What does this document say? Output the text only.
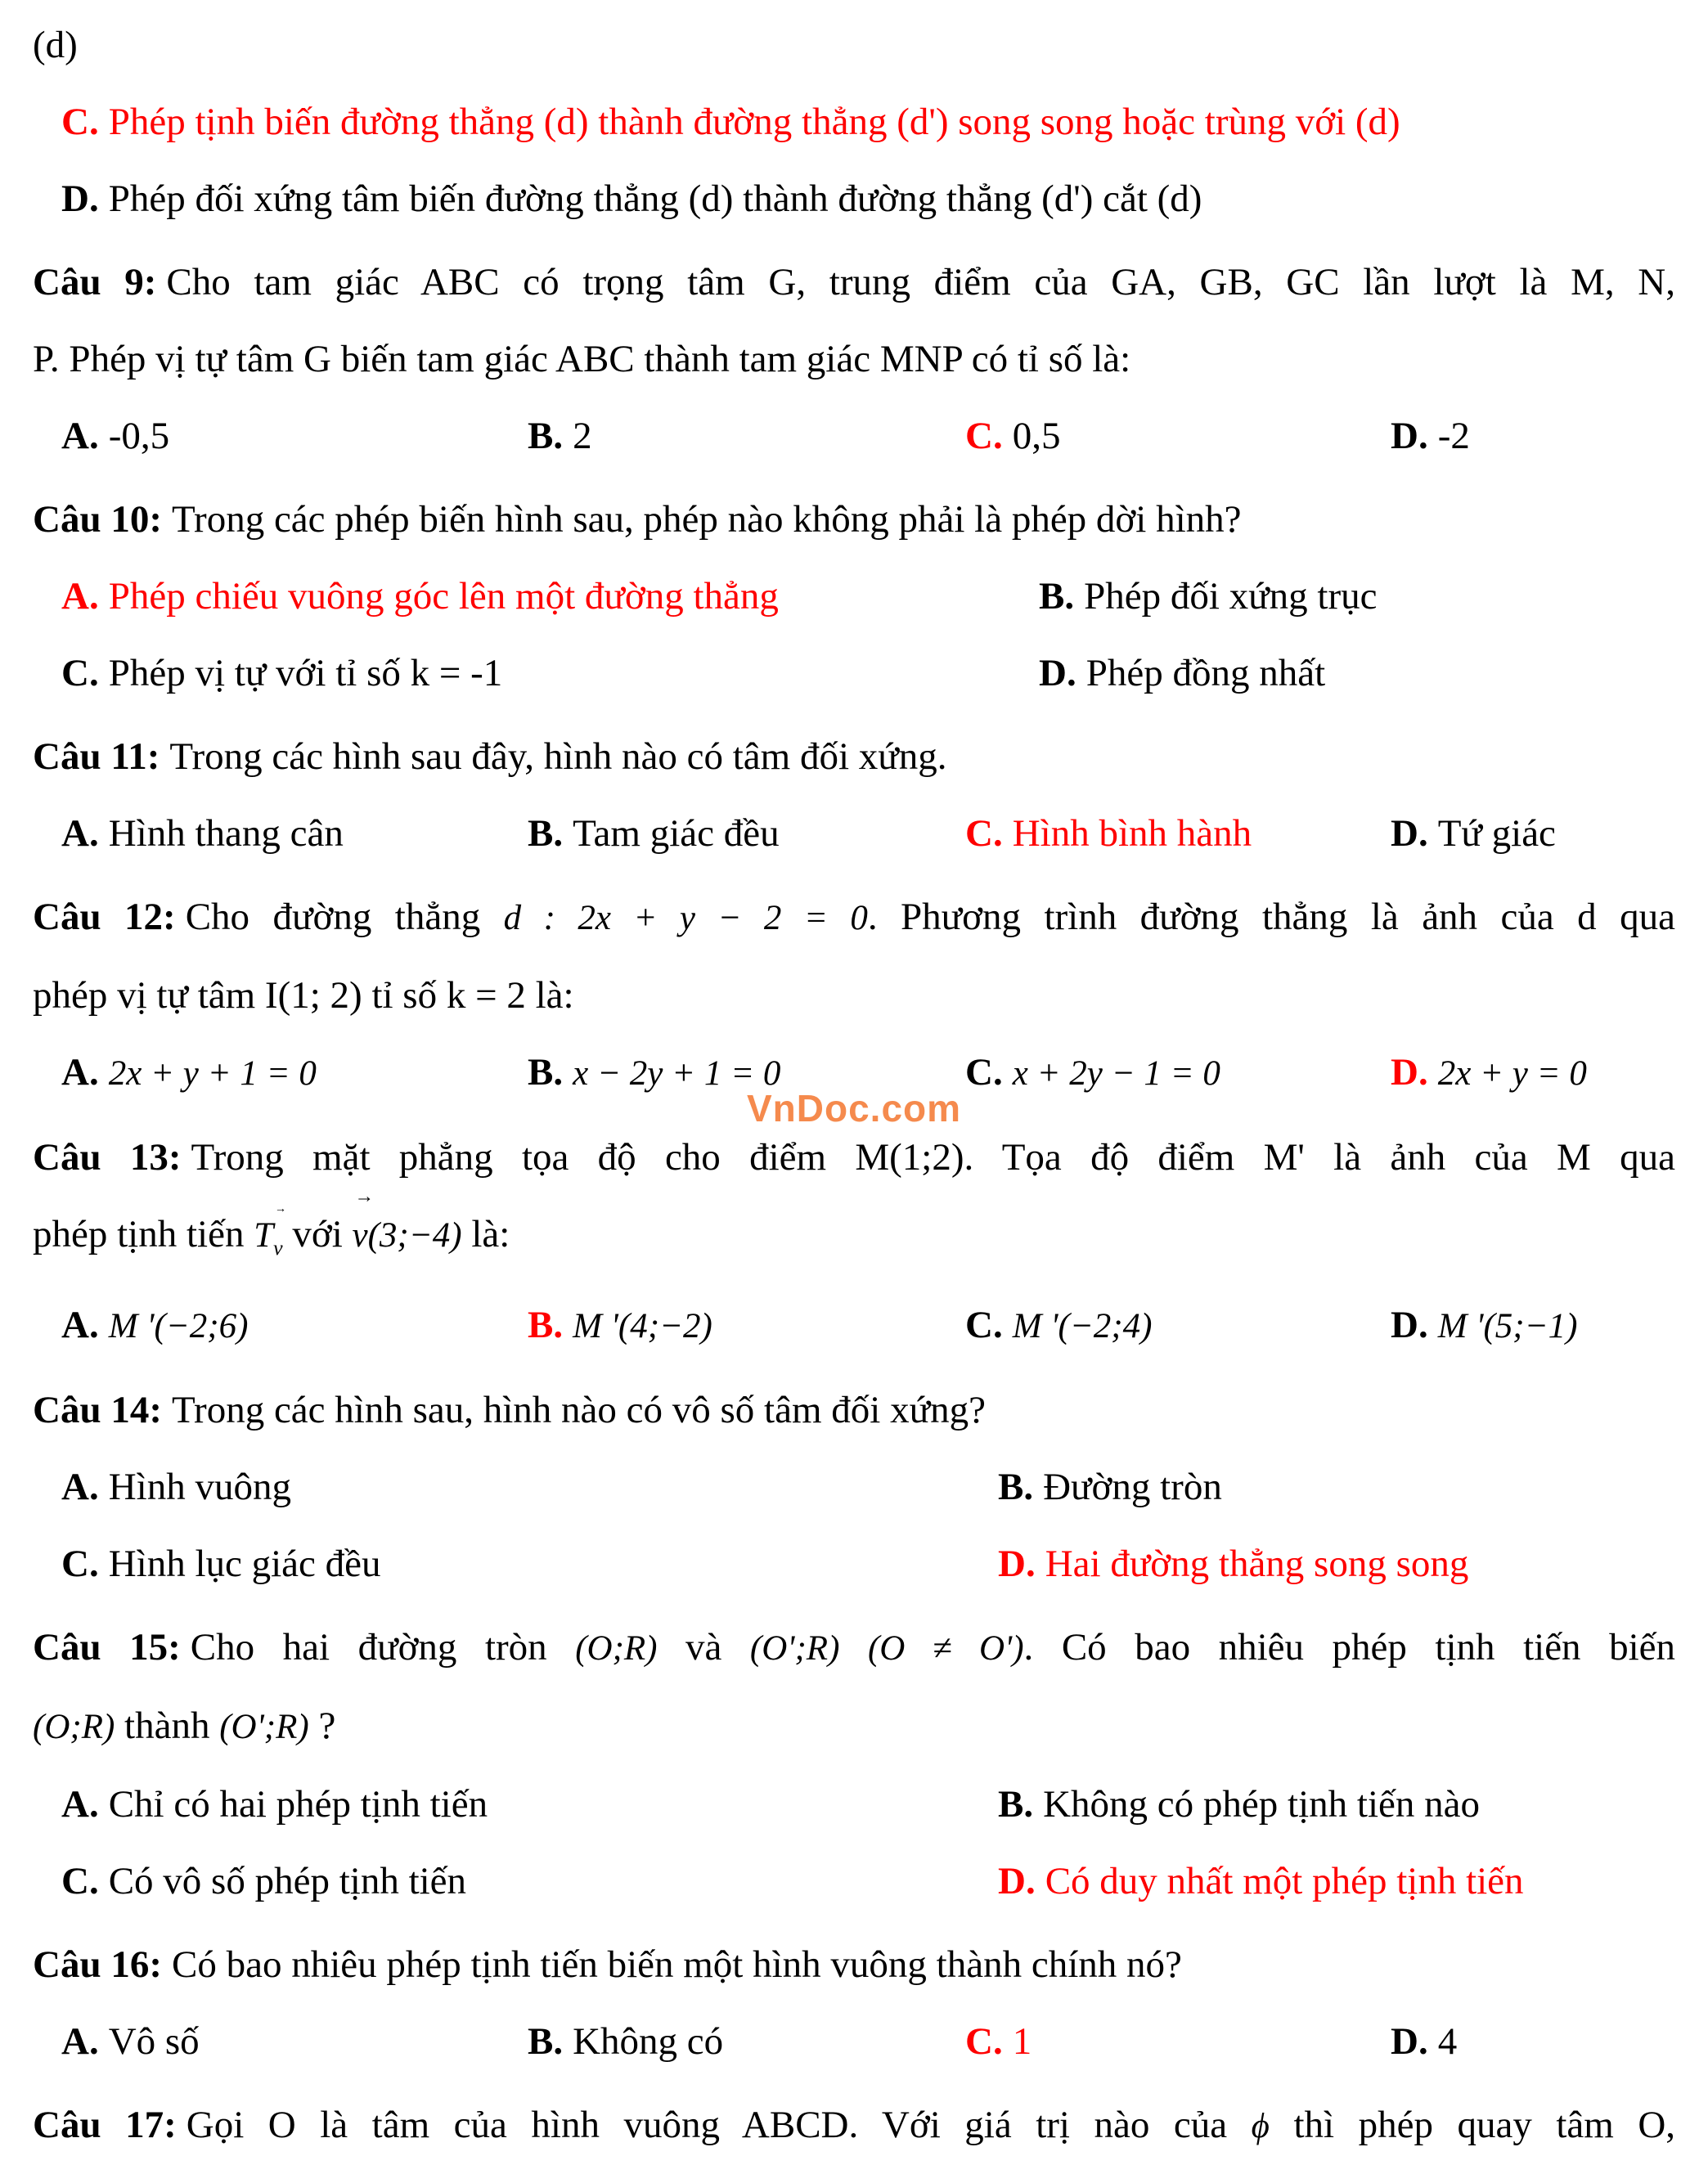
(d)
C. Phép tịnh biến đường thẳng (d) thành đường thẳng (d') song song hoặc trùng với (d)
D. Phép đối xứng tâm biến đường thẳng (d) thành đường thẳng (d') cắt (d)
Câu 9: Cho tam giác ABC có trọng tâm G, trung điểm của GA, GB, GC lần lượt là M, N,
P. Phép vị tự tâm G biến tam giác ABC thành tam giác MNP có tỉ số là:
A. -0,5	B. 2	C. 0,5	D. -2
Câu 10: Trong các phép biến hình sau, phép nào không phải là phép dời hình?
A. Phép chiếu vuông góc lên một đường thẳng	B. Phép đối xứng trục
C. Phép vị tự với tỉ số k = -1	D. Phép đồng nhất
Câu 11: Trong các hình sau đây, hình nào có tâm đối xứng.
A. Hình thang cân	B. Tam giác đều	C. Hình bình hành	D. Tứ giác
Câu 12: Cho đường thẳng d : 2x + y − 2 = 0. Phương trình đường thẳng là ảnh của d qua
phép vị tự tâm I(1; 2) tỉ số k = 2 là:
A. 2x + y + 1 = 0	B. x − 2y + 1 = 0	C. x + 2y − 1 = 0	D. 2x + y = 0
Câu 13: Trong mặt phẳng tọa độ cho điểm M(1;2). Tọa độ điểm M' là ảnh của M qua
phép tịnh tiến T
$_{\to v}$ với
→
v(3;−4) là:
A. M '(−2;6)	B. M '(4;−2)	C. M '(−2;4)	D. M '(5;−1)
Câu 14: Trong các hình sau, hình nào có vô số tâm đối xứng?
A. Hình vuông	B. Đường tròn
C. Hình lục giác đều	D. Hai đường thẳng song song
Câu 15: Cho hai đường tròn (O;R) và (O';R) (O ≠ O'). Có bao nhiêu phép tịnh tiến biến
(O;R) thành (O';R) ?
A. Chỉ có hai phép tịnh tiến	B. Không có phép tịnh tiến nào
C. Có vô số phép tịnh tiến	D. Có duy nhất một phép tịnh tiến
Câu 16: Có bao nhiêu phép tịnh tiến biến một hình vuông thành chính nó?
A. Vô số	B. Không có	C. 1	D. 4
Câu 17: Gọi O là tâm của hình vuông ABCD. Với giá trị nào của ϕ thì phép quay tâm O,
VnDoc.com
